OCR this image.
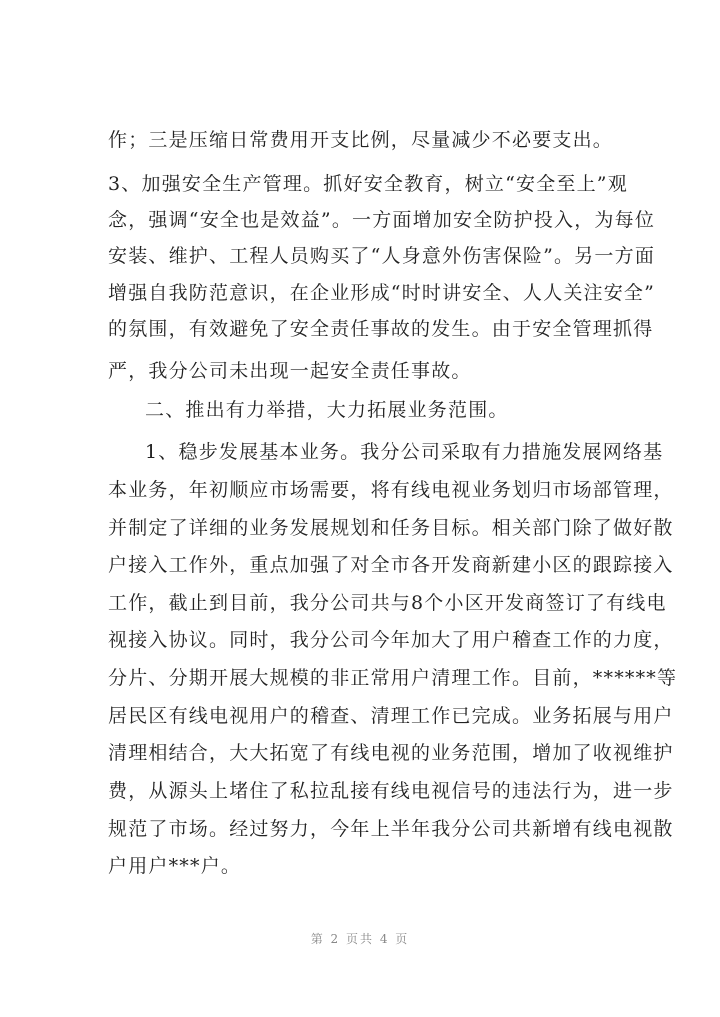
作；三是压缩日常费用开支比例，尽量减少不必要支出。
3、加强安全生产管理。抓好安全教育，树立“安全至上”观
念，强调“安全也是效益”。一方面增加安全防护投入，为每位
安装、维护、工程人员购买了“人身意外伤害保险”。另一方面
增强自我防范意识，在企业形成“时时讲安全、人人关注安全”
的氛围，有效避免了安全责任事故的发生。由于安全管理抓得
严，我分公司未出现一起安全责任事故。
二、推出有力举措，大力拓展业务范围。
1、稳步发展基本业务。我分公司采取有力措施发展网络基
本业务，年初顺应市场需要，将有线电视业务划归市场部管理，
并制定了详细的业务发展规划和任务目标。相关部门除了做好散
户接入工作外，重点加强了对全市各开发商新建小区的跟踪接入
工作，截止到目前，我分公司共与8个小区开发商签订了有线电
视接入协议。同时，我分公司今年加大了用户稽查工作的力度，
分片、分期开展大规模的非正常用户清理工作。目前，******等
居民区有线电视用户的稽查、清理工作已完成。业务拓展与用户
清理相结合，大大拓宽了有线电视的业务范围，增加了收视维护
费，从源头上堵住了私拉乱接有线电视信号的违法行为，进一步
规范了市场。经过努力，今年上半年我分公司共新增有线电视散
户用户***户。
第 2 页共 4 页
